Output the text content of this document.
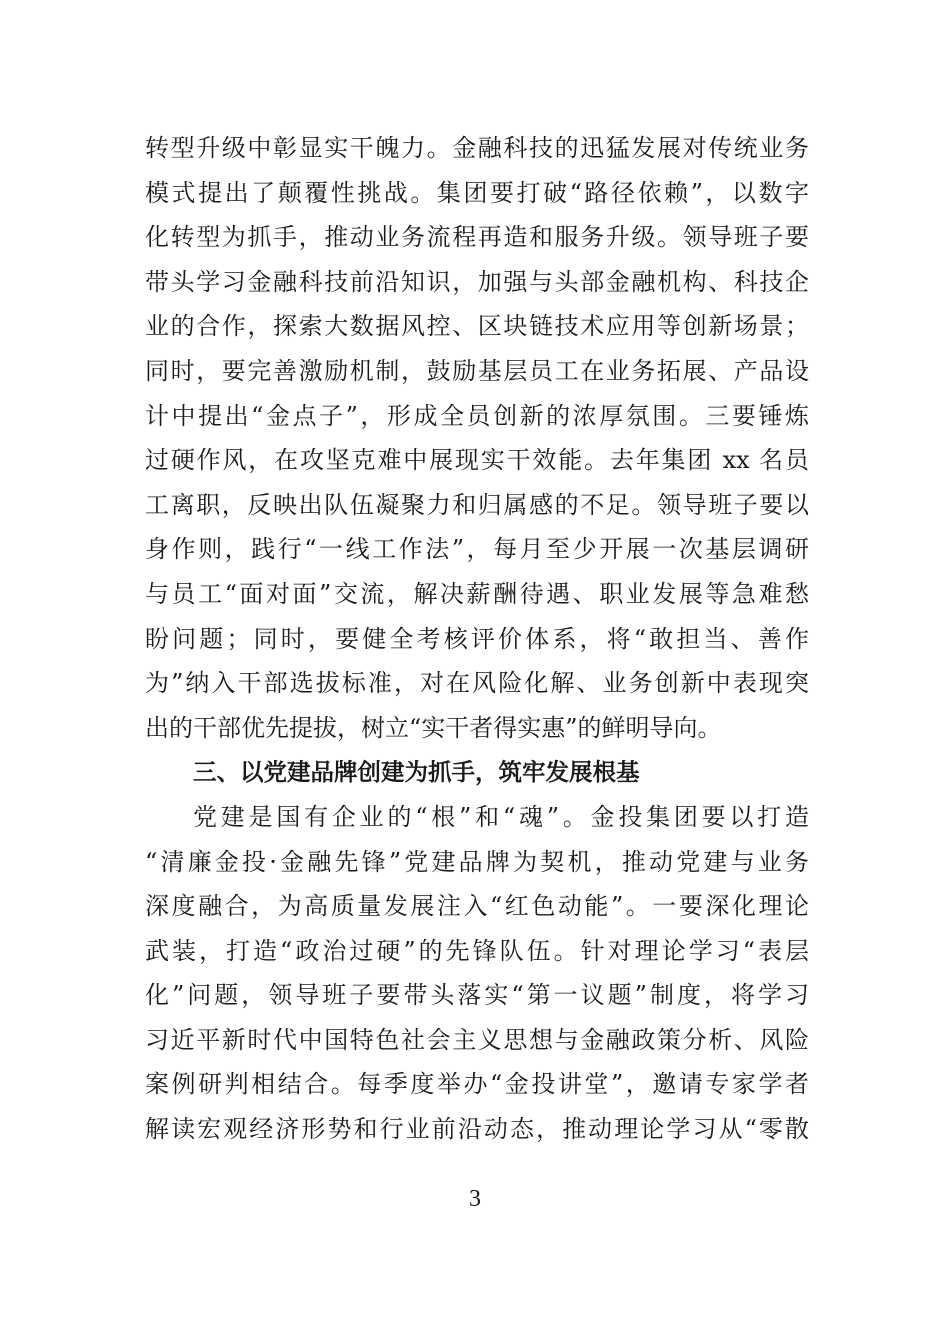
转型升级中彰显实干魄力。金融科技的迅猛发展对传统业务
模式提出了颠覆性挑战。集团要打破“路径依赖”，以数字
化转型为抓手，推动业务流程再造和服务升级。领导班子要
带头学习金融科技前沿知识，加强与头部金融机构、科技企
业的合作，探索大数据风控、区块链技术应用等创新场景；
同时，要完善激励机制，鼓励基层员工在业务拓展、产品设
计中提出“金点子”，形成全员创新的浓厚氛围。三要锤炼
过硬作风，在攻坚克难中展现实干效能。去年集团 xx 名员
工离职，反映出队伍凝聚力和归属感的不足。领导班子要以
身作则，践行“一线工作法”，每月至少开展一次基层调研
与员工“面对面”交流，解决薪酬待遇、职业发展等急难愁
盼问题；同时，要健全考核评价体系，将“敢担当、善作
为”纳入干部选拔标准，对在风险化解、业务创新中表现突
出的干部优先提拔，树立“实干者得实惠”的鲜明导向。
三、以党建品牌创建为抓手，筑牢发展根基
党建是国有企业的“根”和“魂”。金投集团要以打造
“清廉金投·金融先锋”党建品牌为契机，推动党建与业务
深度融合，为高质量发展注入“红色动能”。一要深化理论
武装，打造“政治过硬”的先锋队伍。针对理论学习“表层
化”问题，领导班子要带头落实“第一议题”制度，将学习
习近平新时代中国特色社会主义思想与金融政策分析、风险
案例研判相结合。每季度举办“金投讲堂”，邀请专家学者
解读宏观经济形势和行业前沿动态，推动理论学习从“零散
3
